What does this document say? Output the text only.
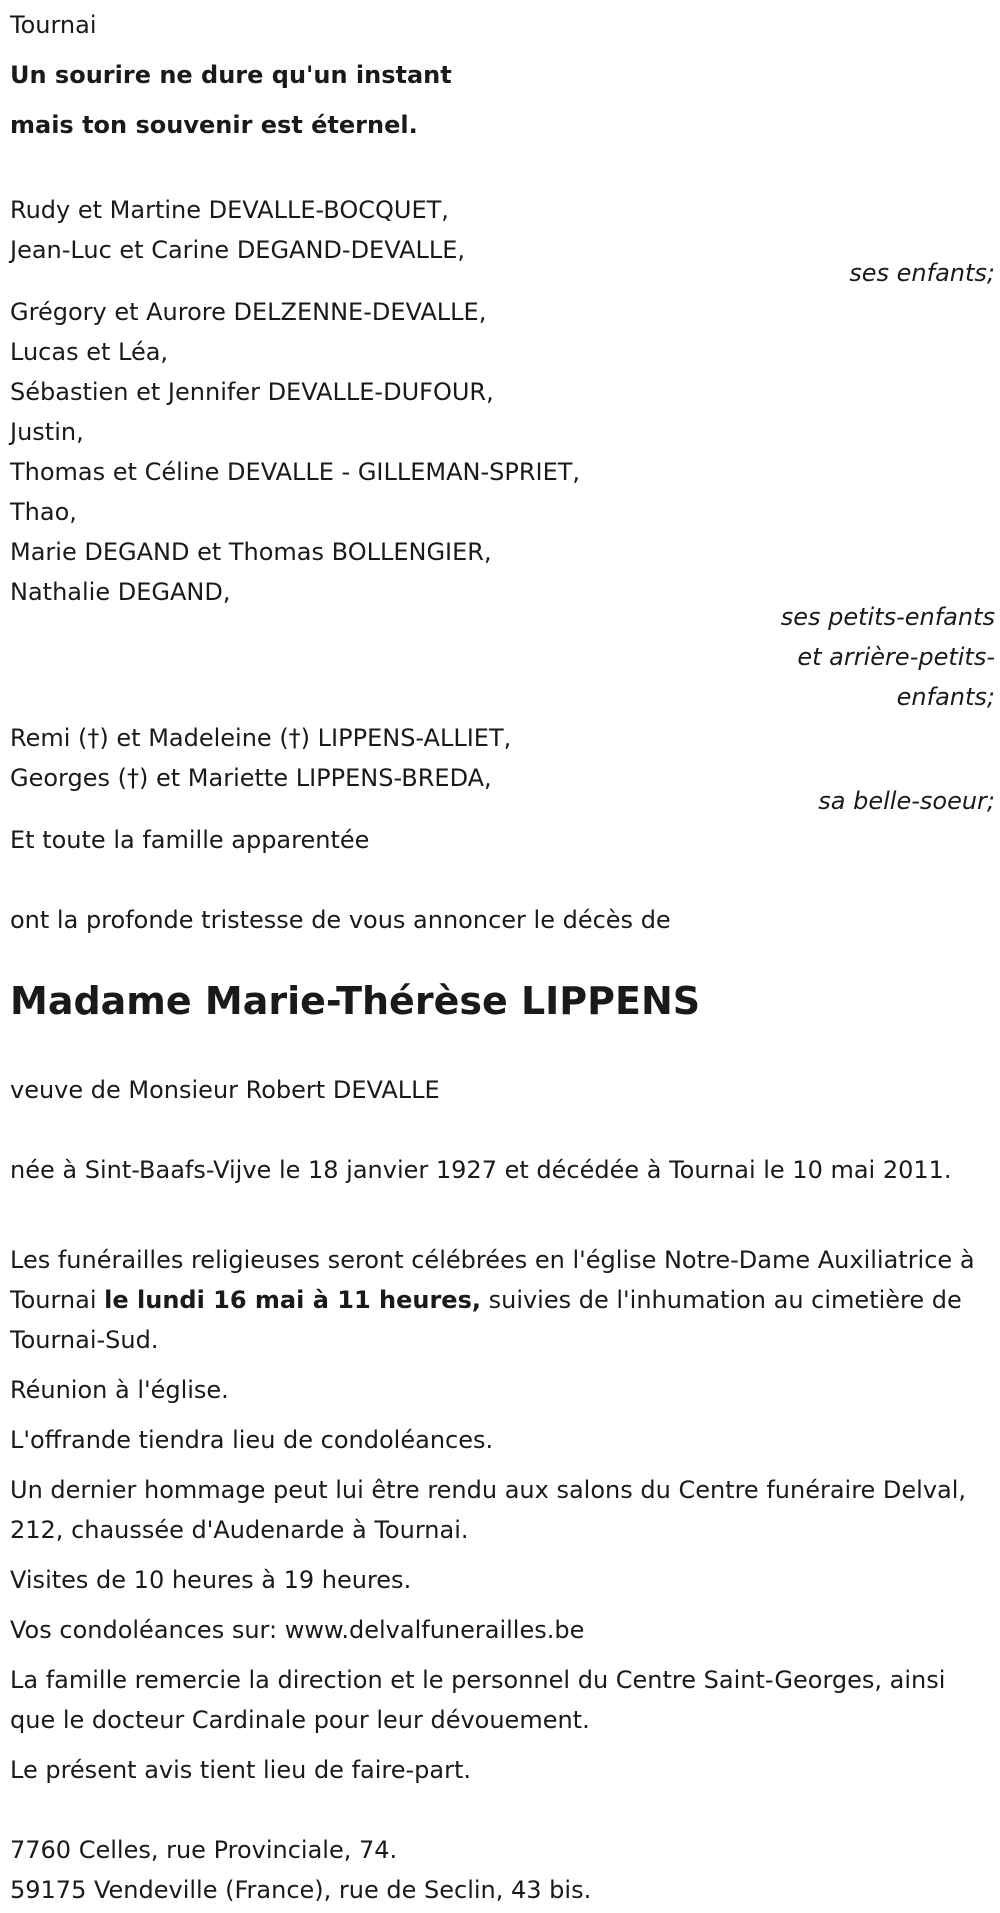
Tournai
Un sourire ne dure qu'un instant
mais ton souvenir est éternel.
Rudy et Martine DEVALLE-BOCQUET,
Jean-Luc et Carine DEGAND-DEVALLE,
ses enfants;
Grégory et Aurore DELZENNE-DEVALLE,
Lucas et Léa,
Sébastien et Jennifer DEVALLE-DUFOUR,
Justin,
Thomas et Céline DEVALLE - GILLEMAN-SPRIET,
Thao,
Marie DEGAND et Thomas BOLLENGIER,
Nathalie DEGAND,
ses petits-enfants
et arrière-petits-
enfants;
Remi (†) et Madeleine (†) LIPPENS-ALLIET,
Georges (†) et Mariette LIPPENS-BREDA,
sa belle-soeur;
Et toute la famille apparentée
ont la profonde tristesse de vous annoncer le décès de
Madame Marie-Thérèse LIPPENS
veuve de Monsieur Robert DEVALLE
née à Sint-Baafs-Vijve le 18 janvier 1927 et décédée à Tournai le 10 mai 2011.
Les funérailles religieuses seront célébrées en l'église Notre-Dame Auxiliatrice à Tournai le lundi 16 mai à 11 heures, suivies de l'inhumation au cimetière de Tournai-Sud.
Réunion à l'église.
L'offrande tiendra lieu de condoléances.
Un dernier hommage peut lui être rendu aux salons du Centre funéraire Delval, 212, chaussée d'Audenarde à Tournai.
Visites de 10 heures à 19 heures.
Vos condoléances sur: www.delvalfunerailles.be
La famille remercie la direction et le personnel du Centre Saint-Georges, ainsi que le docteur Cardinale pour leur dévouement.
Le présent avis tient lieu de faire-part.
7760 Celles, rue Provinciale, 74.
59175 Vendeville (France), rue de Seclin, 43 bis.
